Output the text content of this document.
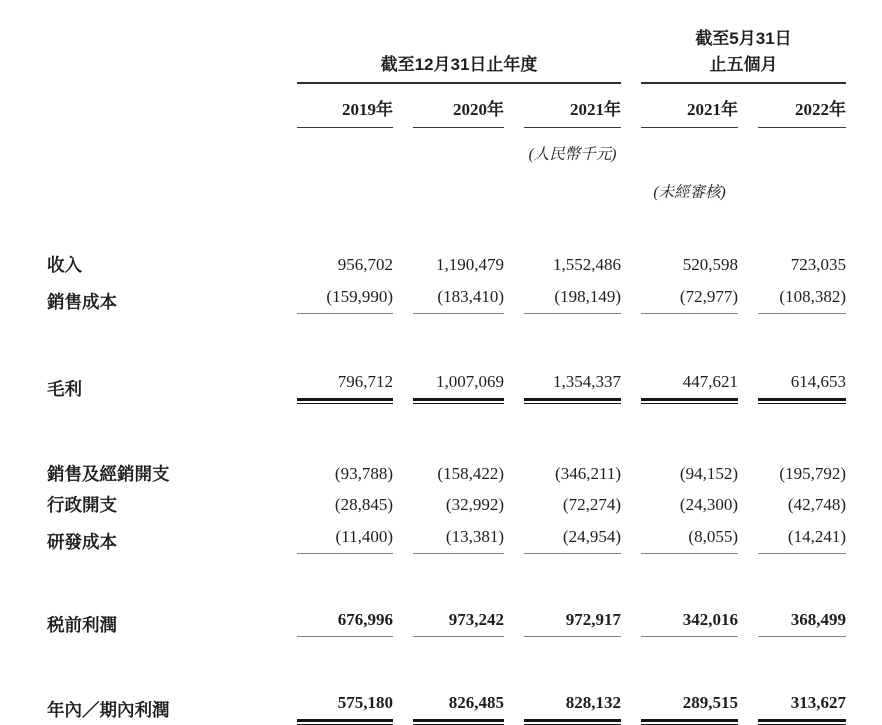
	截至12月31日止年度			截至5月31日
止五個月	

	2019年	2020年	2021年	2021年	2022年

			(人民幣千元)		

				(未經審核)	

收入	956,702	1,190,479	1,552,486	520,598	723,035

銷售成本	(159,990)	(183,410)	(198,149)	(72,977)	(108,382)

毛利	796,712	1,007,069	1,354,337	447,621	614,653

銷售及經銷開支	(93,788)	(158,422)	(346,211)	(94,152)	(195,792)

行政開支	(28,845)	(32,992)	(72,274)	(24,300)	(42,748)

研發成本	(11,400)	(13,381)	(24,954)	(8,055)	(14,241)

税前利潤	676,996	973,242	972,917	342,016	368,499

年內／期內利潤	575,180	826,485	828,132	289,515	313,627
